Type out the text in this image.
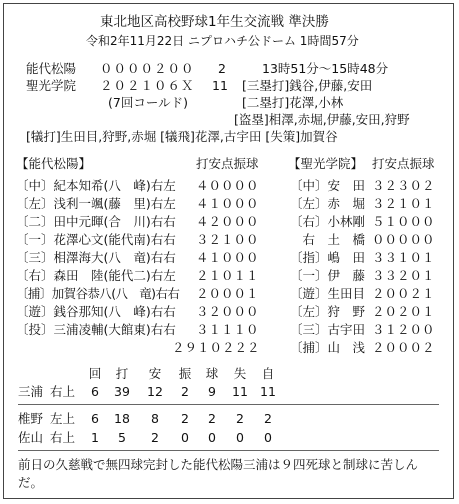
東北地区高校野球1年生交流戦 準決勝
令和2年11月22日 ニプロハチ公ドーム 1時間57分
能代松陽 ００００２００ 2	13時51分～15時48分
聖光学院 ２０２１０６Ｘ 11 [三塁打]銭谷,伊藤,安田
(7回コールド)	[二塁打]花澤,小林
[盗塁]相澤,赤堀,伊藤,安田,狩野
[犠打]生田目,狩野,赤堀 [犠飛]花澤,古宇田 [失策]加賀谷
【能代松陽】	打安点振球
〔中〕紀本知希(八　峰)右左 ４００００
〔左〕浅利一颯(藤　里)右左 ４１０００
〔二〕田中元暉(合　川)右右 ４２０００
〔一〕花澤心文(能代南)右右 ３２１００
〔三〕相澤海大(八　竜)右右 ４１０００
〔右〕森田　陸(能代二)右左 ２１０１１
〔捕〕加賀谷恭八(八　竜)右右 ２０００１
〔遊〕銭谷那知(八　峰)右右 ３２０００
〔投〕三浦凌輔(大館東)右右 ３１１１０
２９１０２２２
【聖光学院】 打安点振球
〔中〕安　田 ３２３０２
〔左〕赤　堀 ３２１０１
〔右〕小林剛 ５１０００
　右　土　橋 ０００００
〔指〕嶋　田 ３３１０１
〔一〕伊　藤 ３３２０１
〔遊〕生田目 ２００２１
〔左〕狩　野 ２０２０１
〔三〕古宇田 ３１２００
〔捕〕山　浅 ２０００２
回	打	安	振	球	失	自
三浦 右上	6	39	12	2	9	11 11
椎野 左上	6	18	8	2	2	2	2
佐山 右上	1	5	2	0	0	0	0
前日の久慈戦で無四球完封した能代松陽三浦は９四死球と制球に苦しんだ。
